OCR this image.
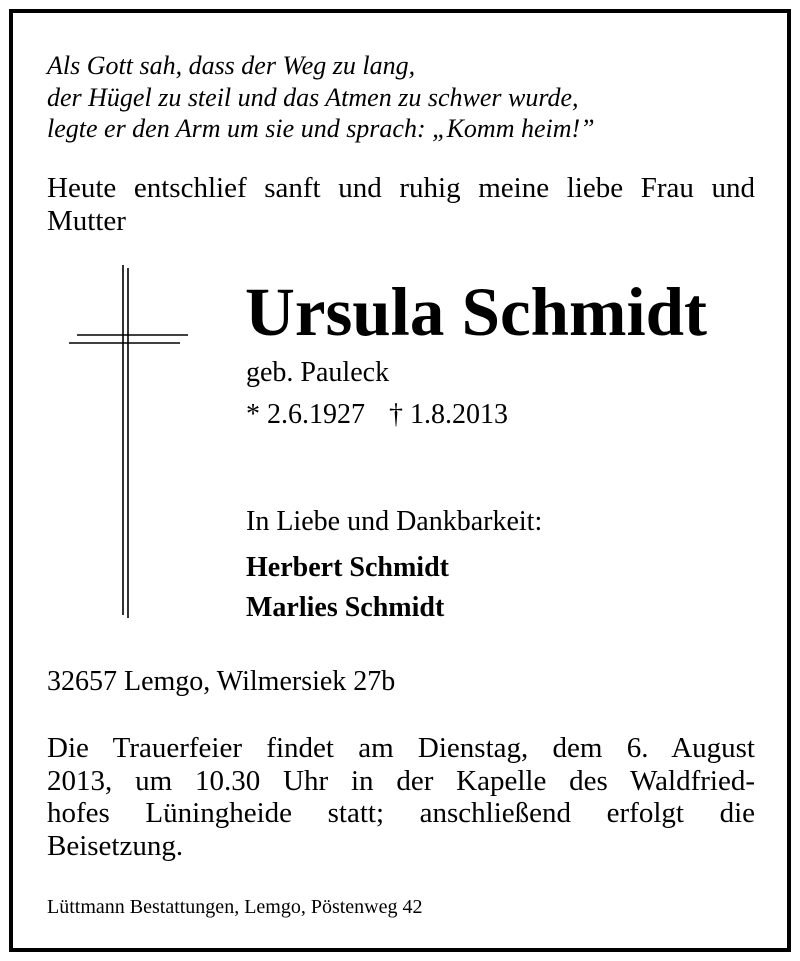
Als Gott sah, dass der Weg zu lang,
der Hügel zu steil und das Atmen zu schwer wurde,
legte er den Arm um sie und sprach: „Komm heim!”
Heute entschlief sanft und ruhig meine liebe Frau und Mutter
Ursula Schmidt
geb. Pauleck
* 2.6.1927 † 1.8.2013
In Liebe und Dankbarkeit:
Herbert Schmidt
Marlies Schmidt
32657 Lemgo, Wilmersiek 27b
Die Trauerfeier findet am Dienstag, dem 6. August
2013, um 10.30 Uhr in der Kapelle des Waldfried-
hofes Lüningheide statt; anschließend erfolgt die
Beisetzung.
Lüttmann Bestattungen, Lemgo, Pöstenweg 42
